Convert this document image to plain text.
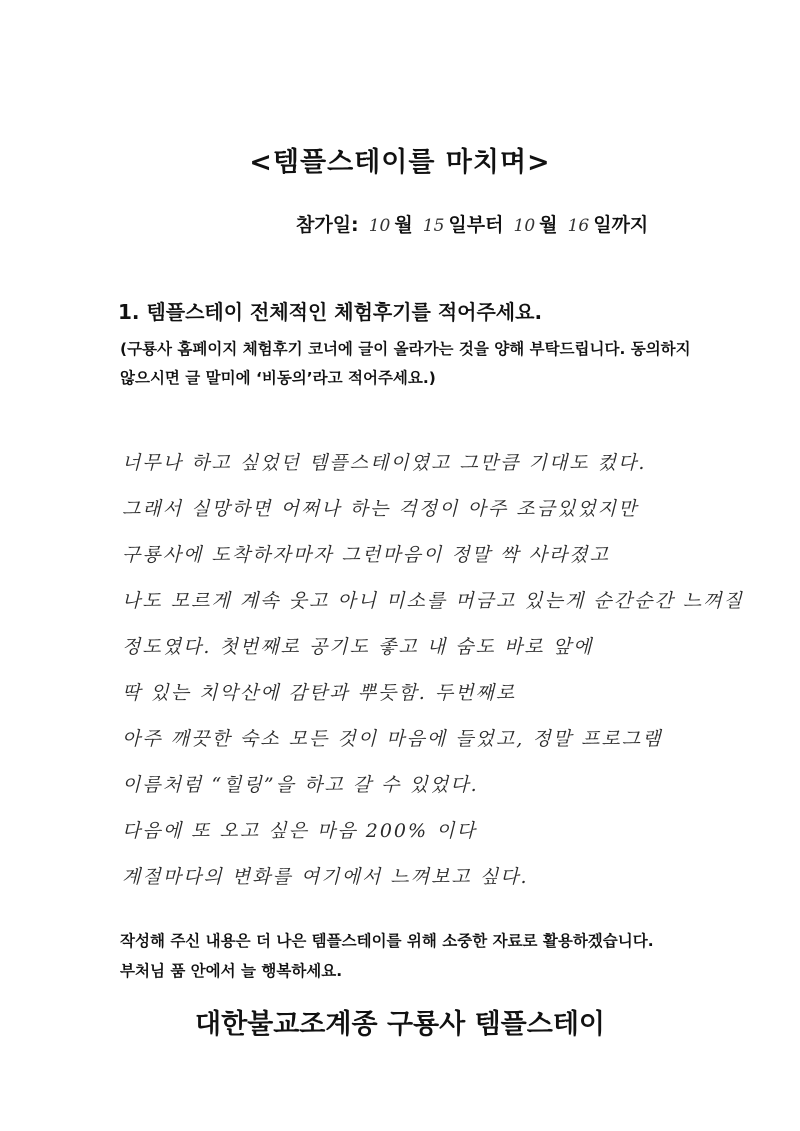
<템플스테이를 마치며>
참가일: 10 월 15 일부터 10 월 16 일까지
1. 템플스테이 전체적인 체험후기를 적어주세요.
(구룡사 홈페이지 체험후기 코너에 글이 올라가는 것을 양해 부탁드립니다. 동의하지 않으시면 글 말미에 ‘비동의’라고 적어주세요.)
너무나 하고 싶었던 템플스테이였고 그만큼 기대도 컸다.
그래서 실망하면 어쩌나 하는 걱정이 아주 조금있었지만
구룡사에 도착하자마자 그런마음이 정말 싹 사라졌고
나도 모르게 계속 웃고 아니 미소를 머금고 있는게 순간순간 느껴질
정도였다. 첫번째로 공기도 좋고 내 숨도 바로 앞에
딱 있는 치악산에 감탄과 뿌듯함. 두번째로
아주 깨끗한 숙소 모든 것이 마음에 들었고, 정말 프로그램
이름처럼 “힐링”을 하고 갈 수 있었다.
다음에 또 오고 싶은 마음 200% 이다
계절마다의 변화를 여기에서 느껴보고 싶다.
작성해 주신 내용은 더 나은 템플스테이를 위해 소중한 자료로 활용하겠습니다.
부처님 품 안에서 늘 행복하세요.
대한불교조계종 구룡사 템플스테이
